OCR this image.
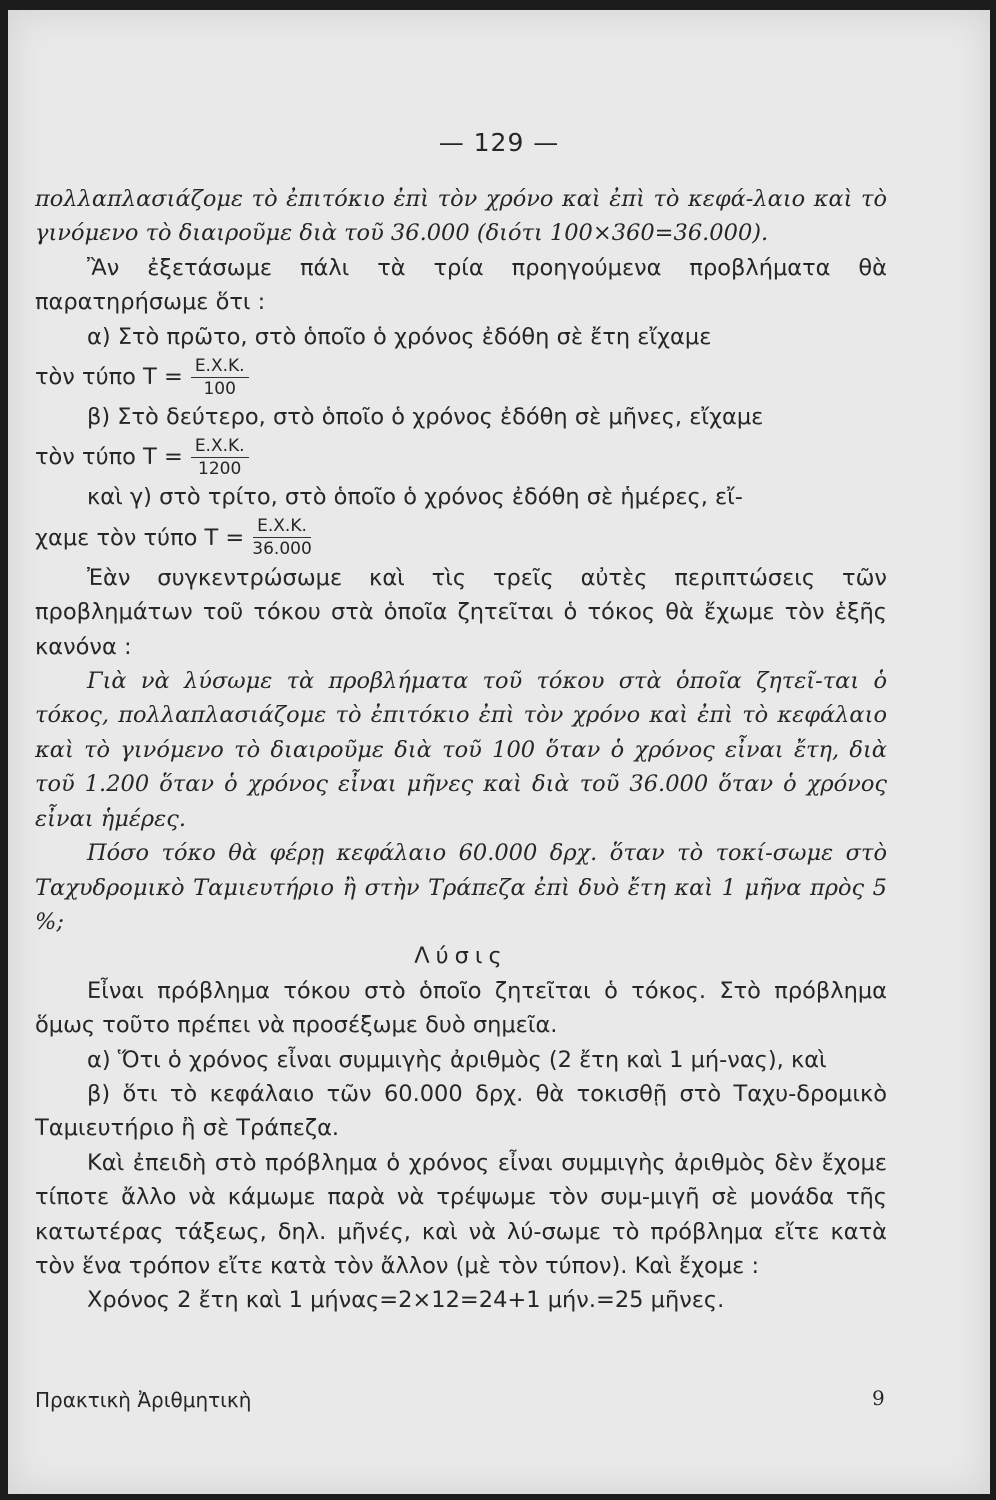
— 129 —

πολλαπλασιάζομε τὸ ἐπιτόκιο ἐπὶ τὸν χρόνο καὶ ἐπὶ τὸ κεφά-λαιο καὶ τὸ γινόμενο τὸ διαιροῦμε διὰ τοῦ 36.000 (διότι 100×360=36.000).

Ἂν ἐξετάσωμε πάλι τὰ τρία προηγούμενα προβλήματα θὰ παρατηρήσωμε ὅτι :

α) Στὸ πρῶτο, στὸ ὁποῖο ὁ χρόνος ἐδόθη σὲ ἔτη εἴχαμε

τὸν τύπο $T = \frac{E.X.K.}{100}$

β) Στὸ δεύτερο, στὸ ὁποῖο ὁ χρόνος ἐδόθη σὲ μῆνες, εἴχαμε

τὸν τύπο $T = \frac{E.X.K.}{1200}$

καὶ γ) στὸ τρίτο, στὸ ὁποῖο ὁ χρόνος ἐδόθη σὲ ἡμέρες, εἴ-

χαμε τὸν τύπο $T = \frac{E.X.K.}{36.000}$

Ἐὰν συγκεντρώσωμε καὶ τὶς τρεῖς αὐτὲς περιπτώσεις τῶν προβλημάτων τοῦ τόκου στὰ ὁποῖα ζητεῖται ὁ τόκος θὰ ἔχωμε τὸν ἑξῆς κανόνα :

Γιὰ νὰ λύσωμε τὰ προβλήματα τοῦ τόκου στὰ ὁποῖα ζητεῖ-ται ὁ τόκος, πολλαπλασιάζομε τὸ ἐπιτόκιο ἐπὶ τὸν χρόνο καὶ ἐπὶ τὸ κεφάλαιο καὶ τὸ γινόμενο τὸ διαιροῦμε διὰ τοῦ 100 ὅταν ὁ χρόνος εἶναι ἔτη, διὰ τοῦ 1.200 ὅταν ὁ χρόνος εἶναι μῆνες καὶ διὰ τοῦ 36.000 ὅταν ὁ χρόνος εἶναι ἡμέρες.

Πόσο τόκο θὰ φέρῃ κεφάλαιο 60.000 δρχ. ὅταν τὸ τοκί-σωμε στὸ Ταχυδρομικὸ Ταμιευτήριο ἢ στὴν Τράπεζα ἐπὶ δυὸ ἔτη καὶ 1 μῆνα πρὸς 5 %;

Λύσις

Εἶναι πρόβλημα τόκου στὸ ὁποῖο ζητεῖται ὁ τόκος. Στὸ πρόβλημα ὅμως τοῦτο πρέπει νὰ προσέξωμε δυὸ σημεῖα.

α) Ὅτι ὁ χρόνος εἶναι συμμιγὴς ἀριθμὸς (2 ἔτη καὶ 1 μή-νας), καὶ

β) ὅτι τὸ κεφάλαιο τῶν 60.000 δρχ. θὰ τοκισθῇ στὸ Ταχυ-δρομικὸ Ταμιευτήριο ἢ σὲ Τράπεζα.

Καὶ ἐπειδὴ στὸ πρόβλημα ὁ χρόνος εἶναι συμμιγὴς ἀριθμὸς δὲν ἔχομε τίποτε ἄλλο νὰ κάμωμε παρὰ νὰ τρέψωμε τὸν συμ-μιγῆ σὲ μονάδα τῆς κατωτέρας τάξεως, δηλ. μῆνές, καὶ νὰ λύ-σωμε τὸ πρόβλημα εἴτε κατὰ τὸν ἕνα τρόπον εἴτε κατὰ τὸν ἄλλον (μὲ τὸν τύπον). Καὶ ἔχομε :

Χρόνος 2 ἔτη καὶ 1 μήνας=2×12=24+1 μήν.=25 μῆνες.

Πρακτικὴ Ἀριθμητικὴ	9
